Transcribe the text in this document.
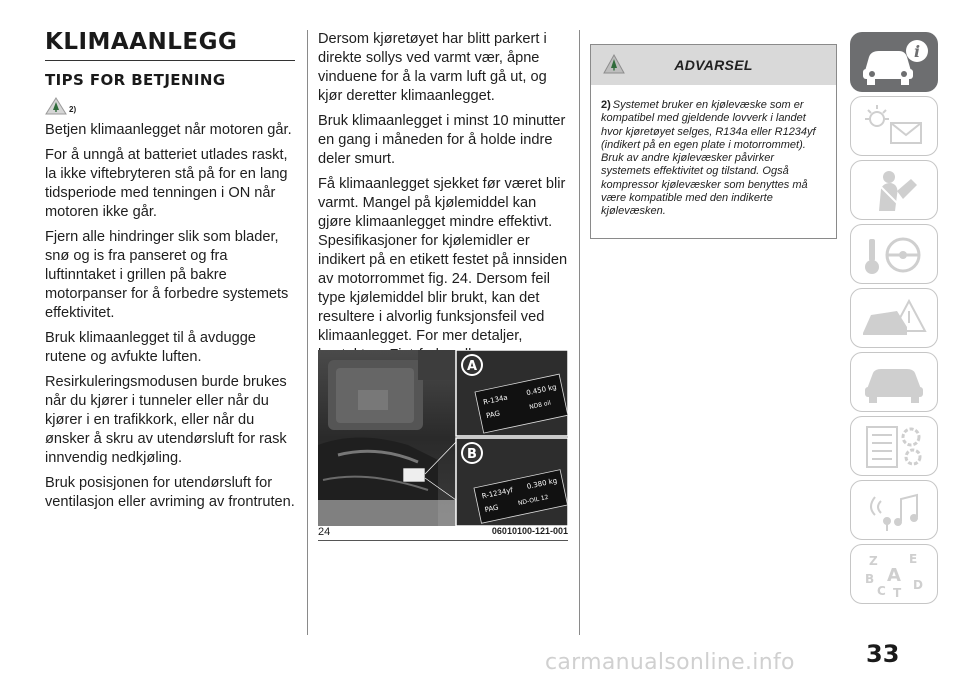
KLIMAANLEGG
TIPS FOR BETJENING
2)

Betjen klimaanlegget når motoren går.

For å unngå at batteriet utlades raskt, la ikke viftebryteren stå på for en lang tidsperiode med tenningen i ON når motoren ikke går.

Fjern alle hindringer slik som blader, snø og is fra panseret og fra luftinntaket i grillen på bakre motorpanser for å forbedre systemets effektivitet.

Bruk klimaanlegget til å avdugge rutene og avfukte luften.

Resirkuleringsmodusen burde brukes når du kjører i tunneler eller når du kjører i en trafikkork, eller når du ønsker å skru av utendørsluft for rask innvendig nedkjøling.

Bruk posisjonen for utendørsluft for ventilasjon eller avriming av frontruten.

Dersom kjøretøyet har blitt parkert i direkte sollys ved varmt vær, åpne vinduene for å la varm luft gå ut, og kjør deretter klimaanlegget.

Bruk klimaanlegget i minst 10 minutter en gang i måneden for å holde indre deler smurt.

Få klimaanlegget sjekket før været blir varmt. Mangel på kjølemiddel kan gjøre klimaanlegget mindre effektivt. Spesifikasjoner for kjølemidler er indikert på en etikett festet på innsiden av motorrommet fig. 24. Dersom feil type kjølemiddel blir brukt, kan det resultere i alvorlig funksjonsfeil ved klimaanlegget. For mer detaljer,

R-134a
0.450 kg
PAG
ND8 oil
R-1234yf
0.380 kg
PAG
ND-OIL 12
A
B
24	06010100-121-001
ADVARSEL
2) Systemet bruker en kjølevæske som er kompatibel med gjeldende lovverk i landet hvor kjøretøyet selges, R134a eller R1234yf (indikert på en egen plate i motorrommet). Bruk av andre kjølevæsker påvirker systemets effektivitet og tilstand. Også kompressor kjølevæsker som benyttes må være kompatible med den indikerte kjølevæsken.
i
Z	E
B A
C T
D
33
carmanualsonline.info
